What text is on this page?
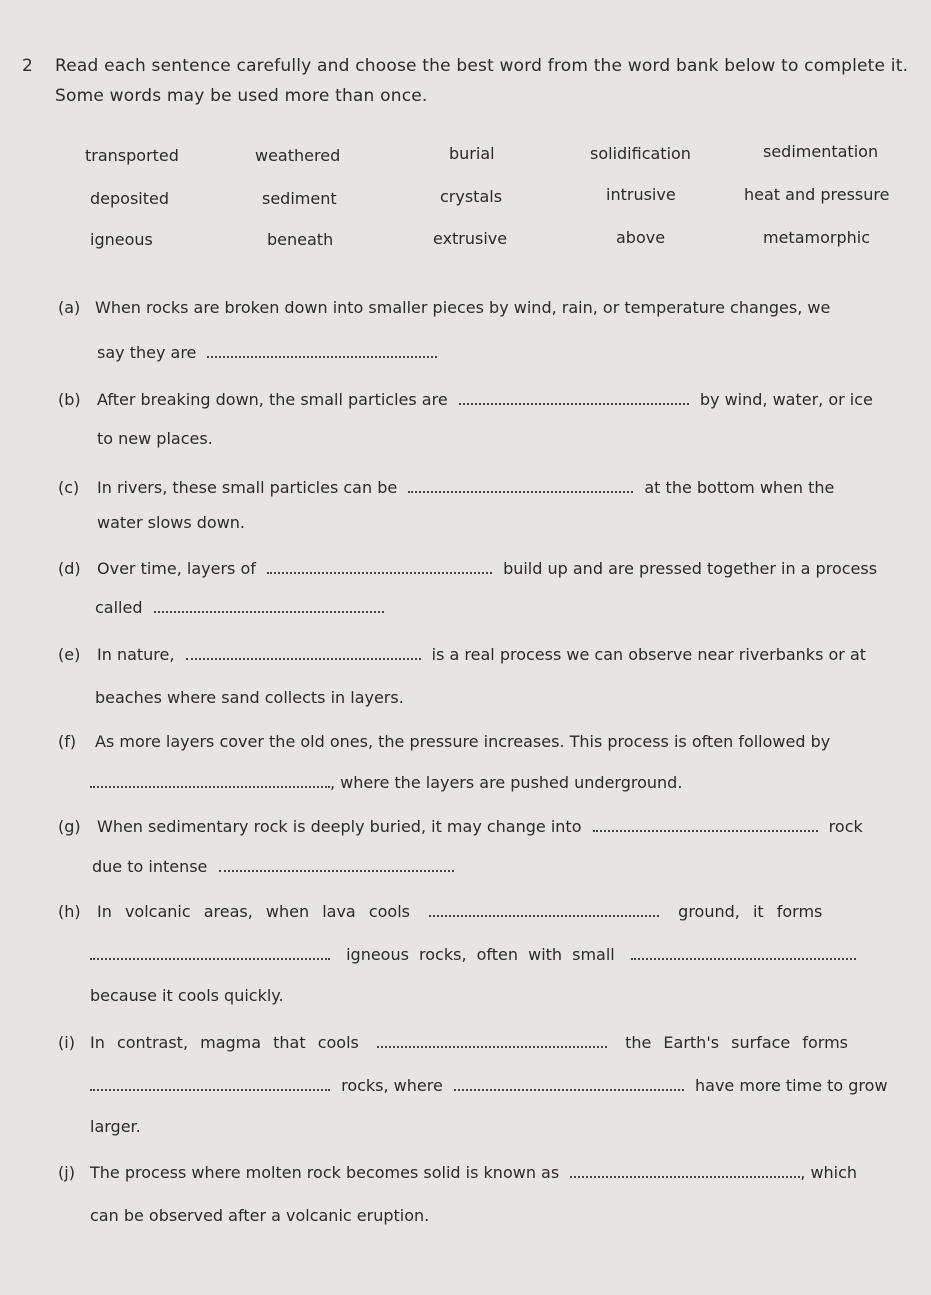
2 Read each sentence carefully and choose the best word from the word bank below to complete it.
Some words may be used more than once.
transported	weathered	burial	solidification	sedimentation
deposited	sediment	crystals	intrusive	heat and pressure
igneous	beneath	extrusive	above	metamorphic
(a) When rocks are broken down into smaller pieces by wind, rain, or temperature changes, we
say they are
(b) After breaking down, the small particles are	by wind, water, or ice
to new places.
(c) In rivers, these small particles can be	at the bottom when the
water slows down.
(d) Over time, layers of	build up and are pressed together in a process
called
(e) In nature,	is a real process we can observe near riverbanks or at
beaches where sand collects in layers.
(f) As more layers cover the old ones, the pressure increases. This process is often followed by
, where the layers are pushed underground.
(g) When sedimentary rock is deeply buried, it may change into	rock
due to intense
(h) In volcanic areas, when lava cools	ground, it forms
igneous rocks, often with small
because it cools quickly.
(i) In contrast, magma that cools	the Earth's surface forms
rocks, where	have more time to grow
larger.
(j) The process where molten rock becomes solid is known as	, which
can be observed after a volcanic eruption.
